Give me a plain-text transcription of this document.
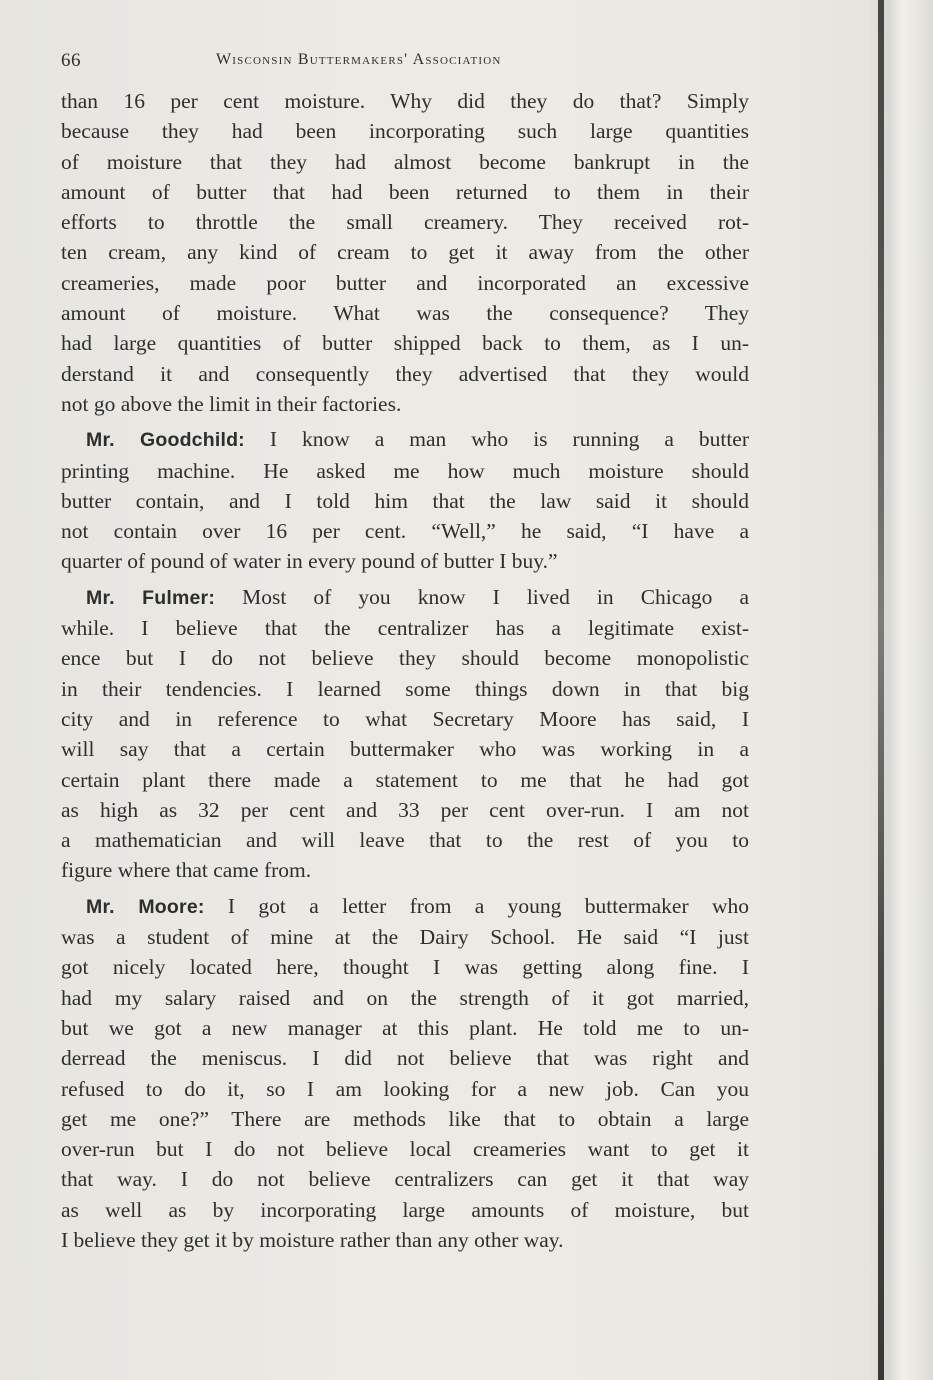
66	Wisconsin Buttermakers' Association
than 16 per cent moisture. Why did they do that? Simply
because they had been incorporating such large quantities
of moisture that they had almost become bankrupt in the
amount of butter that had been returned to them in their
efforts to throttle the small creamery. They received rot-
ten cream, any kind of cream to get it away from the other
creameries, made poor butter and incorporated an excessive
amount of moisture. What was the consequence? They
had large quantities of butter shipped back to them, as I un-
derstand it and consequently they advertised that they would
not go above the limit in their factories.
Mr. Goodchild: I know a man who is running a butter
printing machine. He asked me how much moisture should
butter contain, and I told him that the law said it should
not contain over 16 per cent. “Well,” he said, “I have a
quarter of pound of water in every pound of butter I buy.”
Mr. Fulmer: Most of you know I lived in Chicago a
while. I believe that the centralizer has a legitimate exist-
ence but I do not believe they should become monopolistic
in their tendencies. I learned some things down in that big
city and in reference to what Secretary Moore has said, I
will say that a certain buttermaker who was working in a
certain plant there made a statement to me that he had got
as high as 32 per cent and 33 per cent over-run. I am not
a mathematician and will leave that to the rest of you to
figure where that came from.
Mr. Moore: I got a letter from a young buttermaker who
was a student of mine at the Dairy School. He said “I just
got nicely located here, thought I was getting along fine. I
had my salary raised and on the strength of it got married,
but we got a new manager at this plant. He told me to un-
derread the meniscus. I did not believe that was right and
refused to do it, so I am looking for a new job. Can you
get me one?” There are methods like that to obtain a large
over-run but I do not believe local creameries want to get it
that way. I do not believe centralizers can get it that way
as well as by incorporating large amounts of moisture, but
I believe they get it by moisture rather than any other way.
